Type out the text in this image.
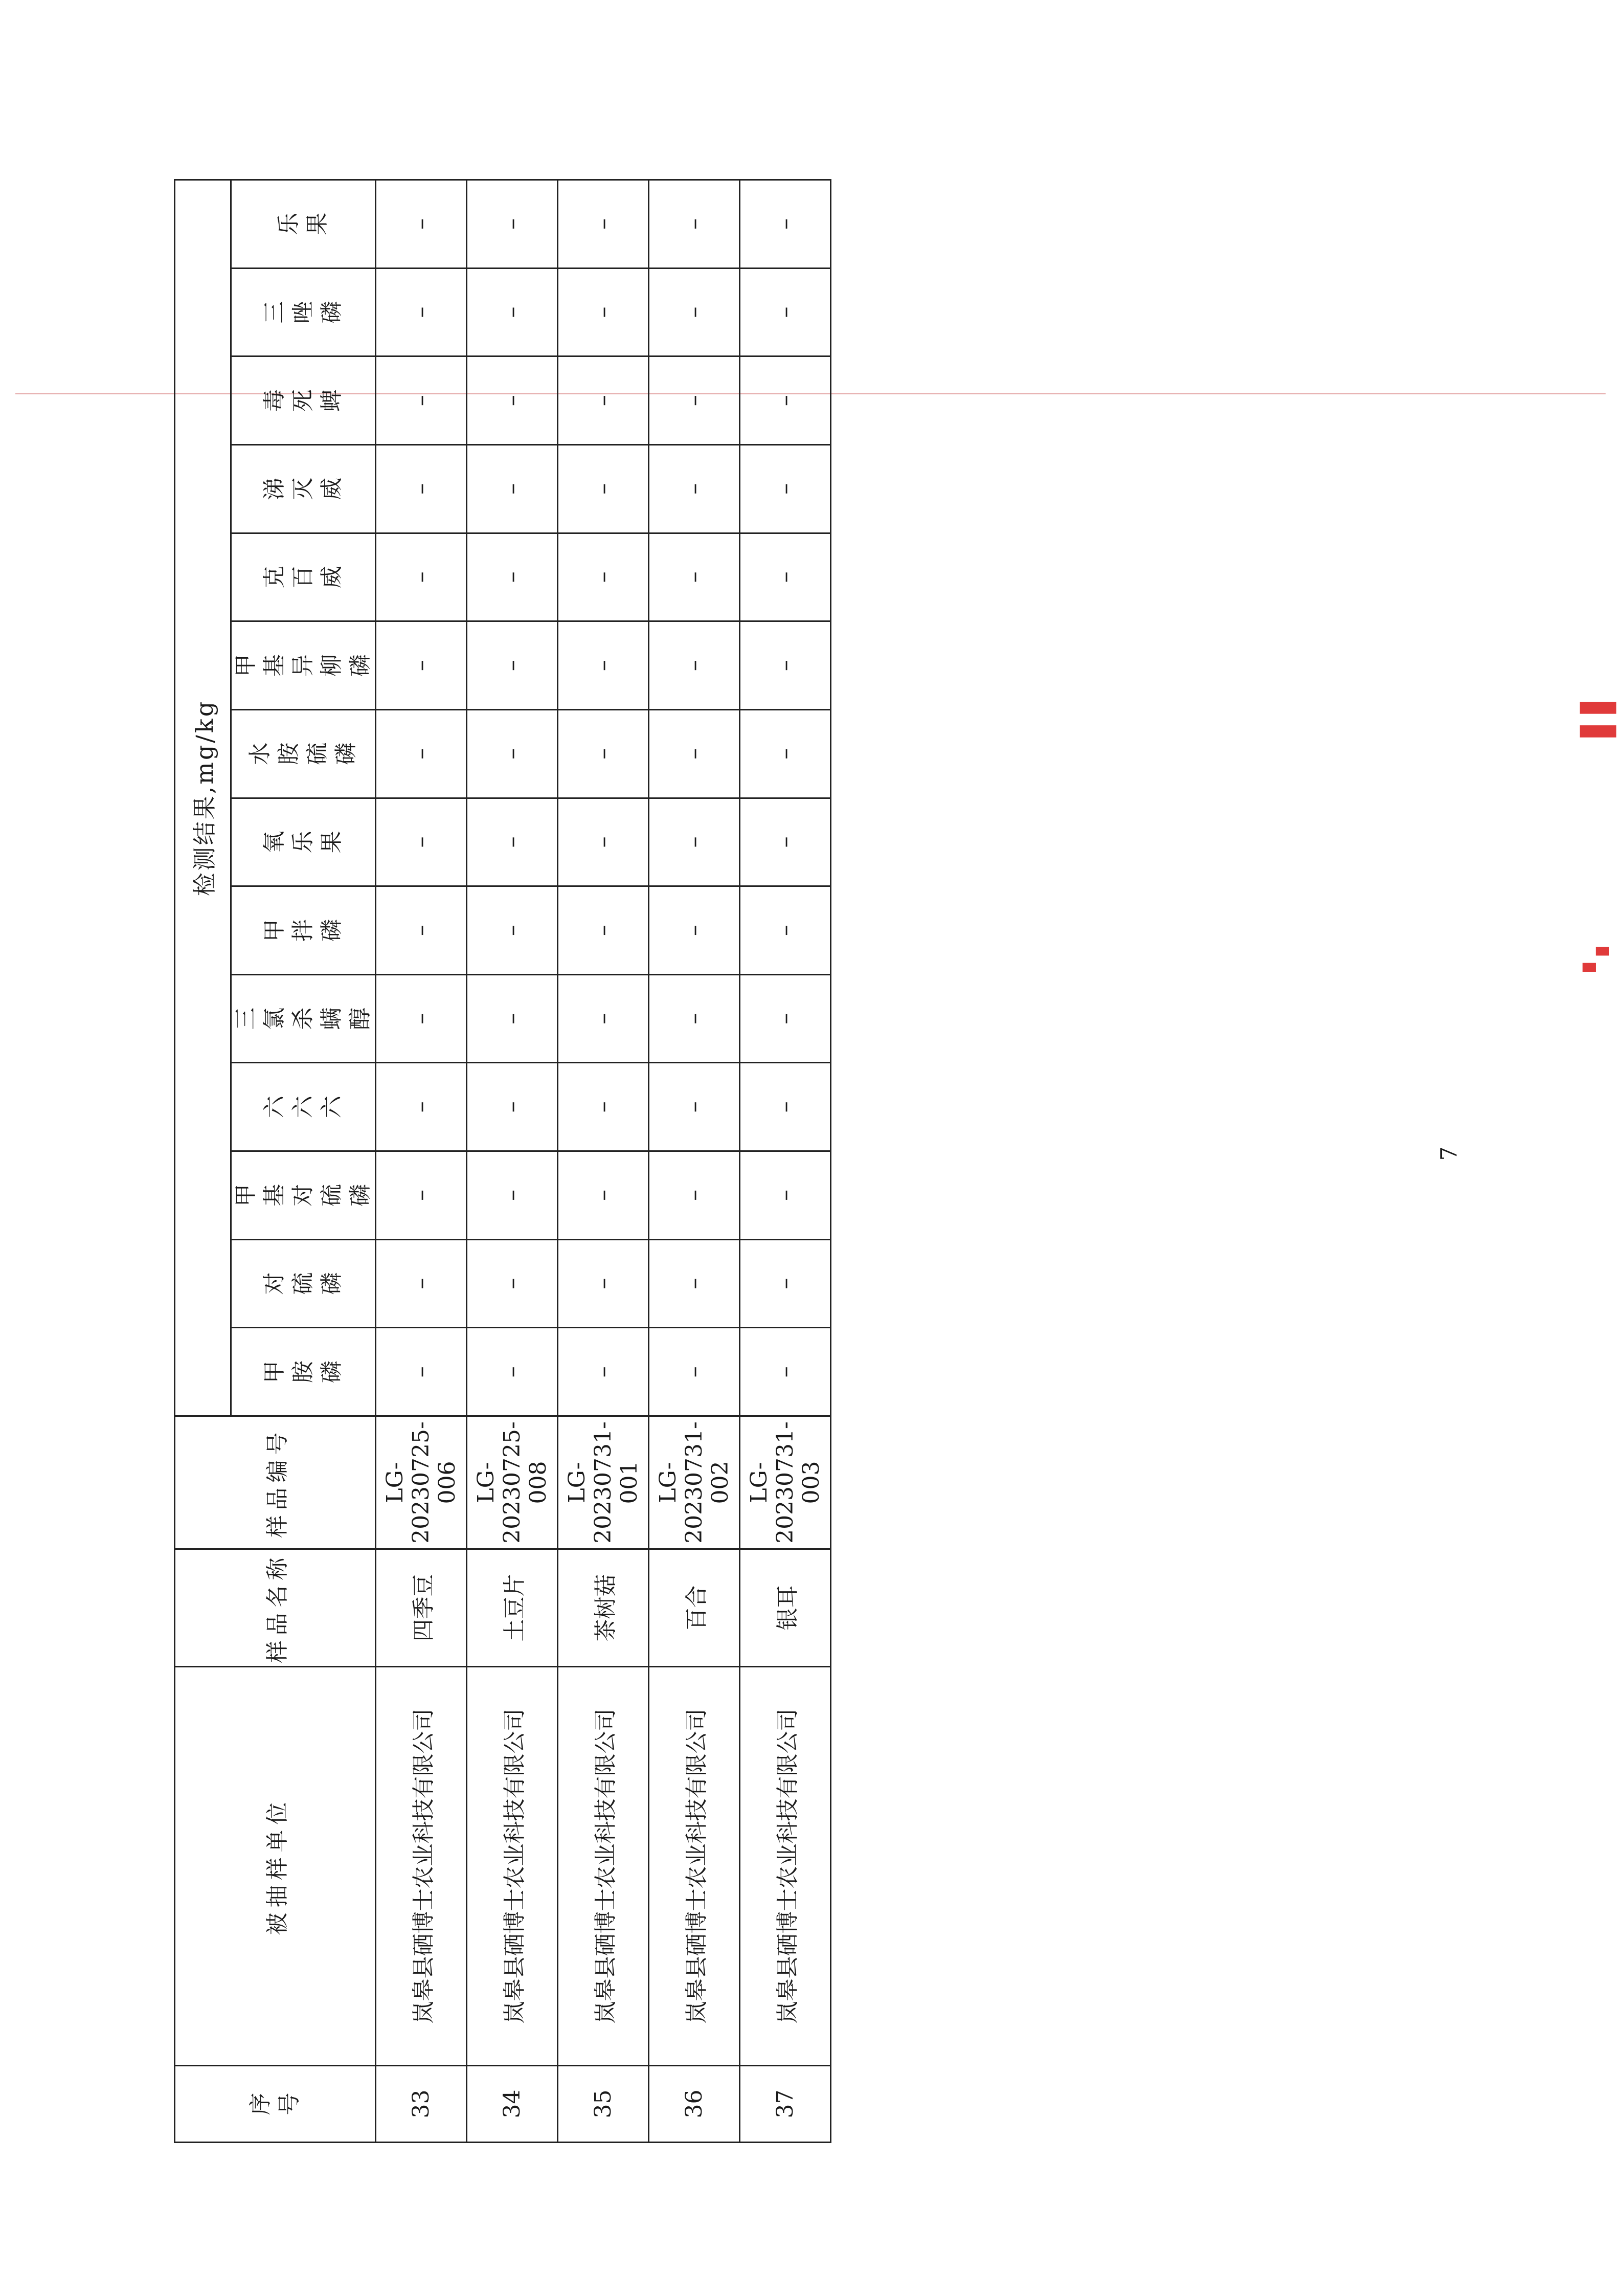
序 号	被抽样单位	样品名称	样品编号	检测结果,mg/kg													

				甲 胺 磷	对 硫 磷	甲 基 对 硫 磷	六 六 六	三 氯 杀 螨 醇	甲 拌 磷	氧 乐 果	水 胺 硫 磷	甲 基 异 柳 磷	克 百 威	涕 灭 威	毒 死 蜱	三 唑 磷	乐 果

33	岚皋县硒博士农业科技有限公司	四季豆	LG-20230725- 006	–	–	–	–	–	–	–	–	–	–	–	–	–	–
34	岚皋县硒博士农业科技有限公司	土豆片	LG-20230725- 008	–	–	–	–	–	–	–	–	–	–	–	–	–	–
35	岚皋县硒博士农业科技有限公司	茶树菇	LG-20230731- 001	–	–	–	–	–	–	–	–	–	–	–	–	–	–
36	岚皋县硒博士农业科技有限公司	百合	LG-20230731- 002	–	–	–	–	–	–	–	–	–	–	–	–	–	–
37	岚皋县硒博士农业科技有限公司	银耳	LG-20230731- 003	–	–	–	–	–	–	–	–	–	–	–	–	–	–
7
▌▌
▝ ▖
